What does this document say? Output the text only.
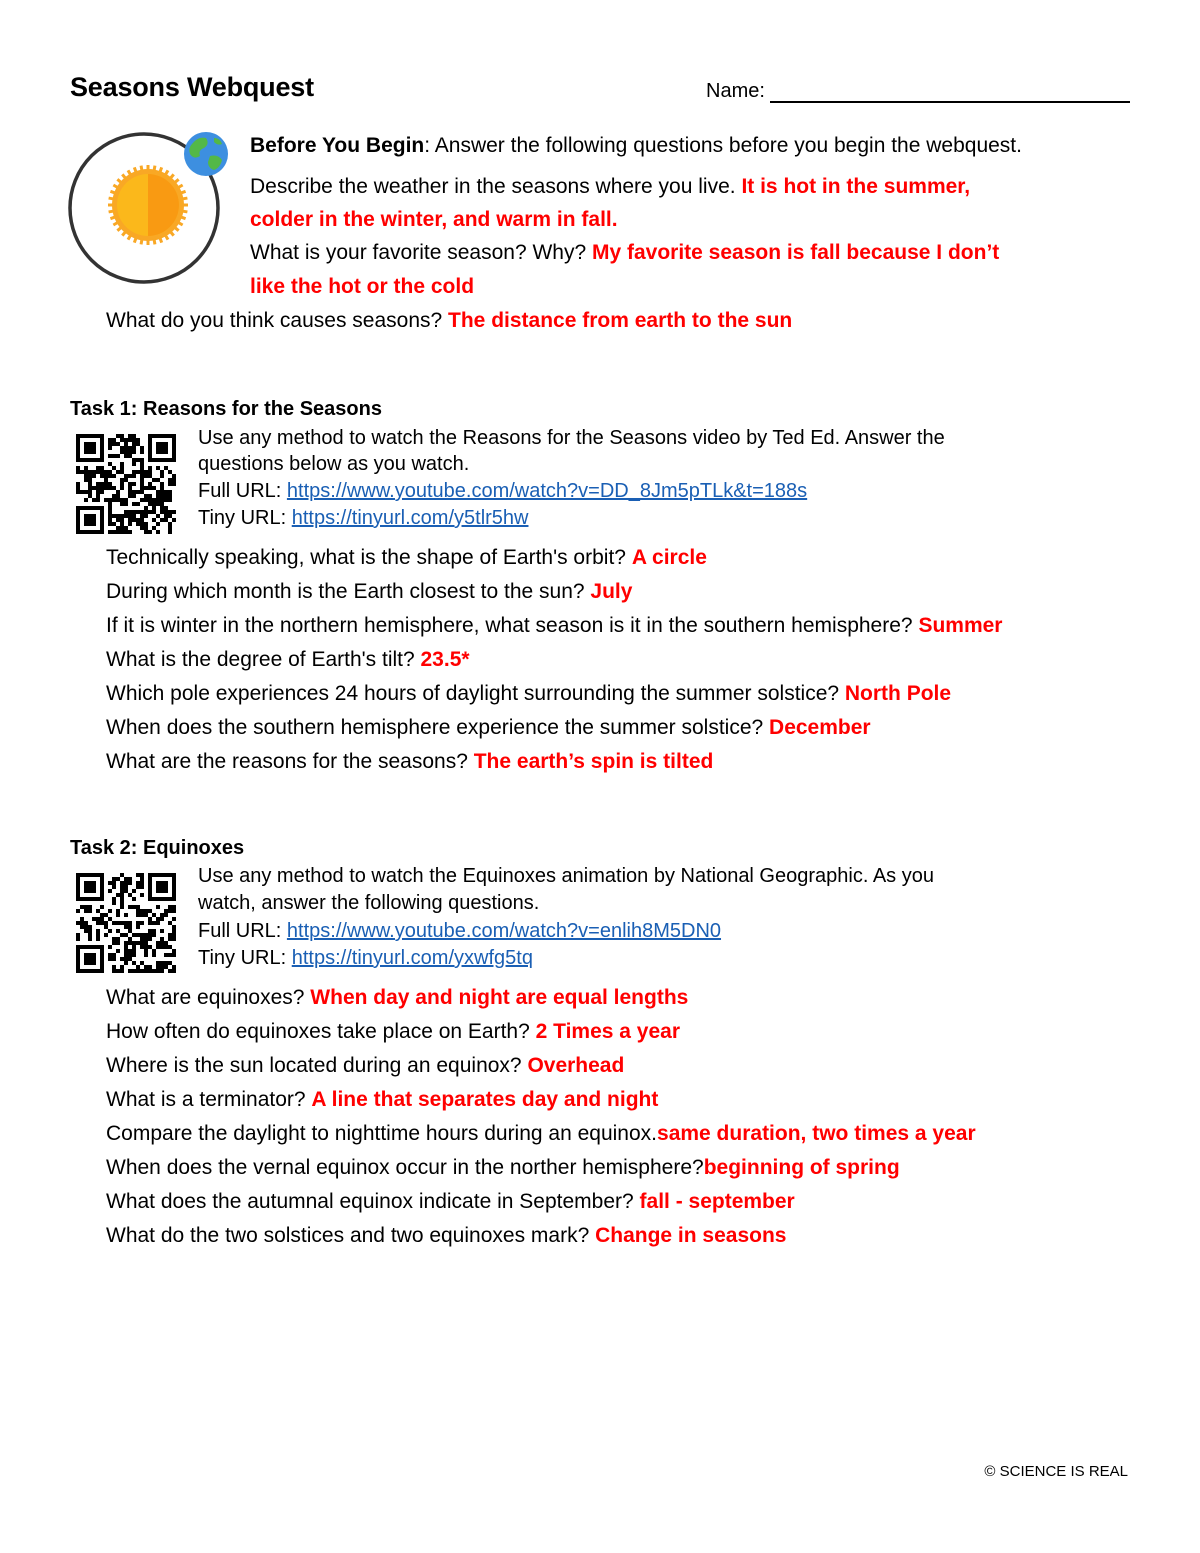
Seasons Webquest	Name:
Before You Begin: Answer the following questions before you begin the webquest.
Describe the weather in the seasons where you live. It is hot in the summer,
colder in the winter, and warm in fall.
What is your favorite season? Why? My favorite season is fall because I don’t
like the hot or the cold
What do you think causes seasons? The distance from earth to the sun
Task 1: Reasons for the Seasons
Use any method to watch the Reasons for the Seasons video by Ted Ed. Answer the
questions below as you watch.
Full URL: https://www.youtube.com/watch?v=DD_8Jm5pTLk&t=188s
Tiny URL: https://tinyurl.com/y5tlr5hw
Technically speaking, what is the shape of Earth's orbit? A circle
During which month is the Earth closest to the sun? July
If it is winter in the northern hemisphere, what season is it in the southern hemisphere? Summer
What is the degree of Earth's tilt? 23.5*
Which pole experiences 24 hours of daylight surrounding the summer solstice? North Pole
When does the southern hemisphere experience the summer solstice? December
What are the reasons for the seasons? The earth’s spin is tilted
Task 2: Equinoxes
Use any method to watch the Equinoxes animation by National Geographic. As you
watch, answer the following questions.
Full URL: https://www.youtube.com/watch?v=enlih8M5DN0
Tiny URL: https://tinyurl.com/yxwfg5tq
What are equinoxes? When day and night are equal lengths
How often do equinoxes take place on Earth? 2 Times a year
Where is the sun located during an equinox? Overhead
What is a terminator? A line that separates day and night
Compare the daylight to nighttime hours during an equinox.same duration, two times a year
When does the vernal equinox occur in the norther hemisphere?beginning of spring
What does the autumnal equinox indicate in September? fall - september
What do the two solstices and two equinoxes mark? Change in seasons
© SCIENCE IS REAL
